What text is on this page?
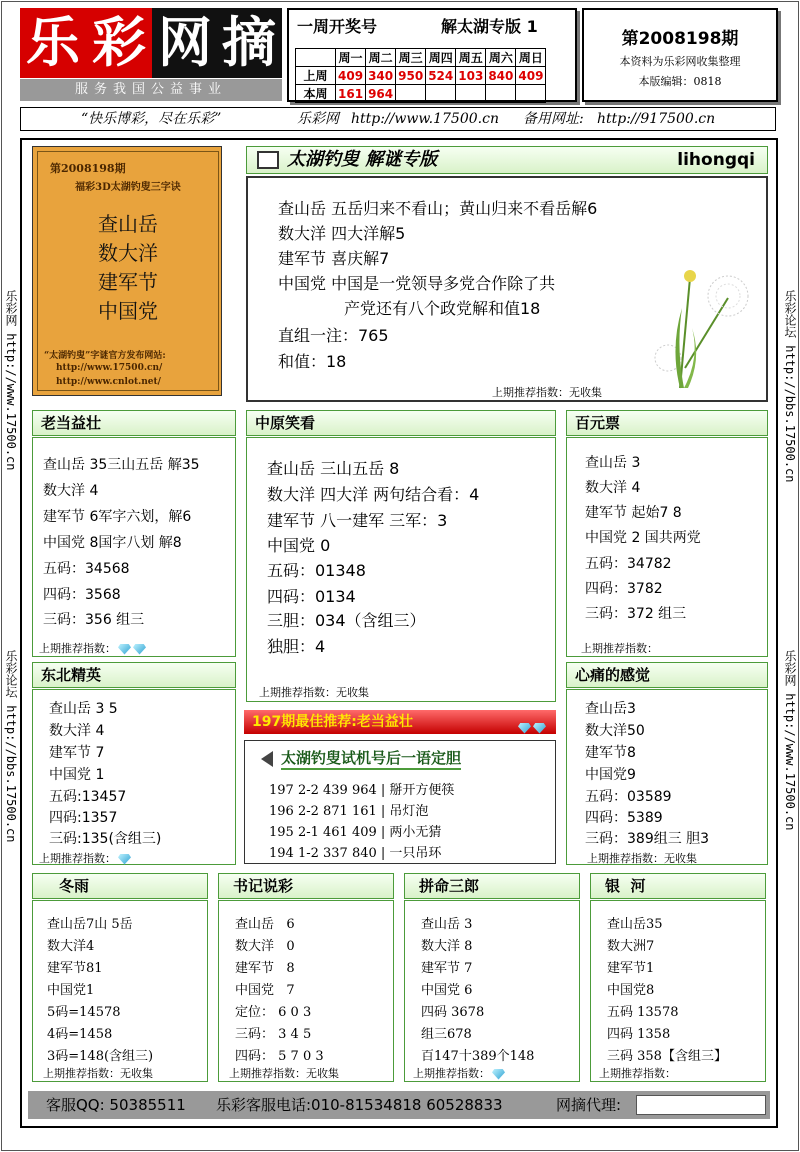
乐 彩 网 摘
服务我国公益事业
一周开奖号	解太湖专版 1
	周一	周二	周三	周四	周五	周六	周日
上周	409	340	950	524	103	840	409
本周	161	964					
第2008198期
本资料为乐彩网收集整理
本版编辑：0818
“快乐博彩，尽在乐彩”	乐彩网 http://www.17500.cn 备用网址: http://917500.cn
乐彩网 http://www.17500.cn
乐彩论坛 http://bbs.17500.cn
乐彩论坛 http://bbs.17500.cn
乐彩网 http://www.17500.cn
第2008198期
福彩3D太湖钓叟三字诀
查山岳
数大洋
建军节
中国党
“太湖钓叟”字谜官方发布网站:
http://www.17500.cn/
http://www.cnlot.net/
太湖钓叟 解谜专版	lihongqi
查山岳 五岳归来不看山；黄山归来不看岳解6
数大洋 四大洋解5
建军节 喜庆解7
中国党 中国是一党领导多党合作除了共
产党还有八个政党解和值18
直组一注：765
和值：18
上期推荐指数：无收集
老当益壮
查山岳 35三山五岳 解35
数大洋 4
建军节 6军字六划，解6
中国党 8国字八划 解8
五码：34568
四码：3568
三码：356 组三
上期推荐指数：
中原笑看
查山岳 三山五岳 8
数大洋 四大洋 两句结合看：4
建军节 八一建军 三军：3
中国党 0
五码：01348
四码：0134
三胆：034（含组三）
独胆：4
上期推荐指数：无收集
百元票
查山岳 3
数大洋 4
建军节 起始7 8
中国党 2 国共两党
五码：34782
四码：3782
三码：372 组三
上期推荐指数：
东北精英
查山岳 3 5
数大洋 4
建军节 7
中国党 1
五码:13457
四码:1357
三码:135(含组三)
上期推荐指数：
197期最佳推荐:老当益壮
太湖钓叟试机号后一语定胆
197 2-2 439 964 | 掰开方便筷
196 2-2 871 161 | 吊灯泡
195 2-1 461 409 | 两小无猜
194 1-2 337 840 | 一只吊环
心痛的感觉
查山岳3
数大洋50
建军节8
中国党9
五码：03589
四码：5389
三码：389组三 胆3
上期推荐指数：无收集
冬雨
查山岳7山 5岳
数大洋4
建军节81
中国党1
5码=14578
4码=1458
3码=148(含组三)
上期推荐指数：无收集
书记说彩
查山岳   6
数大洋   0
建军节   8
中国党   7
定位： 6 0 3
三码： 3 4 5
四码： 5 7 0 3
上期推荐指数：无收集
拼命三郎
查山岳 3
数大洋 8
建军节 7
中国党 6
四码 3678
组三678
百147十389个148
上期推荐指数：
银  河
查山岳35
数大洲7
建军节1
中国党8
五码 13578
四码 1358
三码 358【含组三】
上期推荐指数：
客服QQ: 50385511 乐彩客服电话:010-81534818 60528833	网摘代理:
